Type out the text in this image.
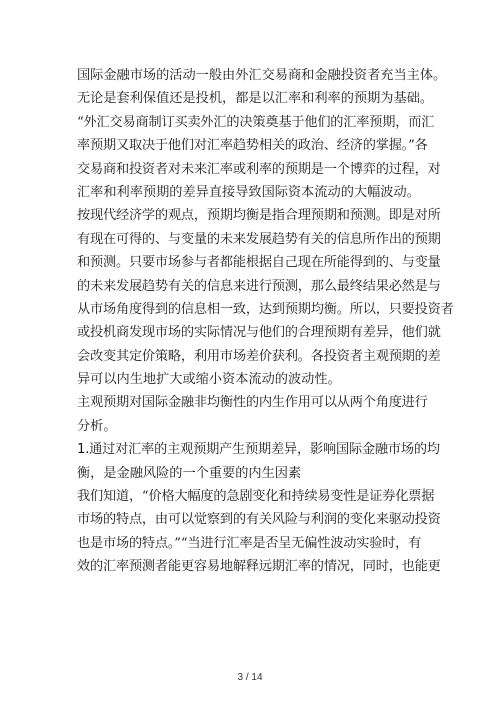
国际金融市场的活动一般由外汇交易商和金融投资者充当主体。
无论是套利保值还是投机，都是以汇率和利率的预期为基础。
“外汇交易商制订买卖外汇的决策奠基于他们的汇率预期，而汇
率预期又取决于他们对汇率趋势相关的政治、经济的掌握。”各
交易商和投资者对未来汇率或利率的预期是一个博弈的过程，对
汇率和利率预期的差异直接导致国际资本流动的大幅波动。
按现代经济学的观点，预期均衡是指合理预期和预测。即是对所
有现在可得的、与变量的未来发展趋势有关的信息所作出的预期
和预测。只要市场参与者都能根据自己现在所能得到的、与变量
的未来发展趋势有关的信息来进行预测，那么最终结果必然是与
从市场角度得到的信息相一致，达到预期均衡。所以，只要投资者
或投机商发现市场的实际情况与他们的合理预期有差异，他们就
会改变其定价策略，利用市场差价获利。各投资者主观预期的差
异可以内生地扩大或缩小资本流动的波动性。
主观预期对国际金融非均衡性的内生作用可以从两个角度进行
分析。
1.通过对汇率的主观预期产生预期差异，影响国际金融市场的均
衡，是金融风险的一个重要的内生因素
我们知道，“价格大幅度的急剧变化和持续易变性是证券化票据
市场的特点，由可以觉察到的有关风险与利润的变化来驱动投资
也是市场的特点。”“当进行汇率是否呈无偏性波动实验时，有
效的汇率预测者能更容易地解释远期汇率的情况，同时，也能更
3 / 14
